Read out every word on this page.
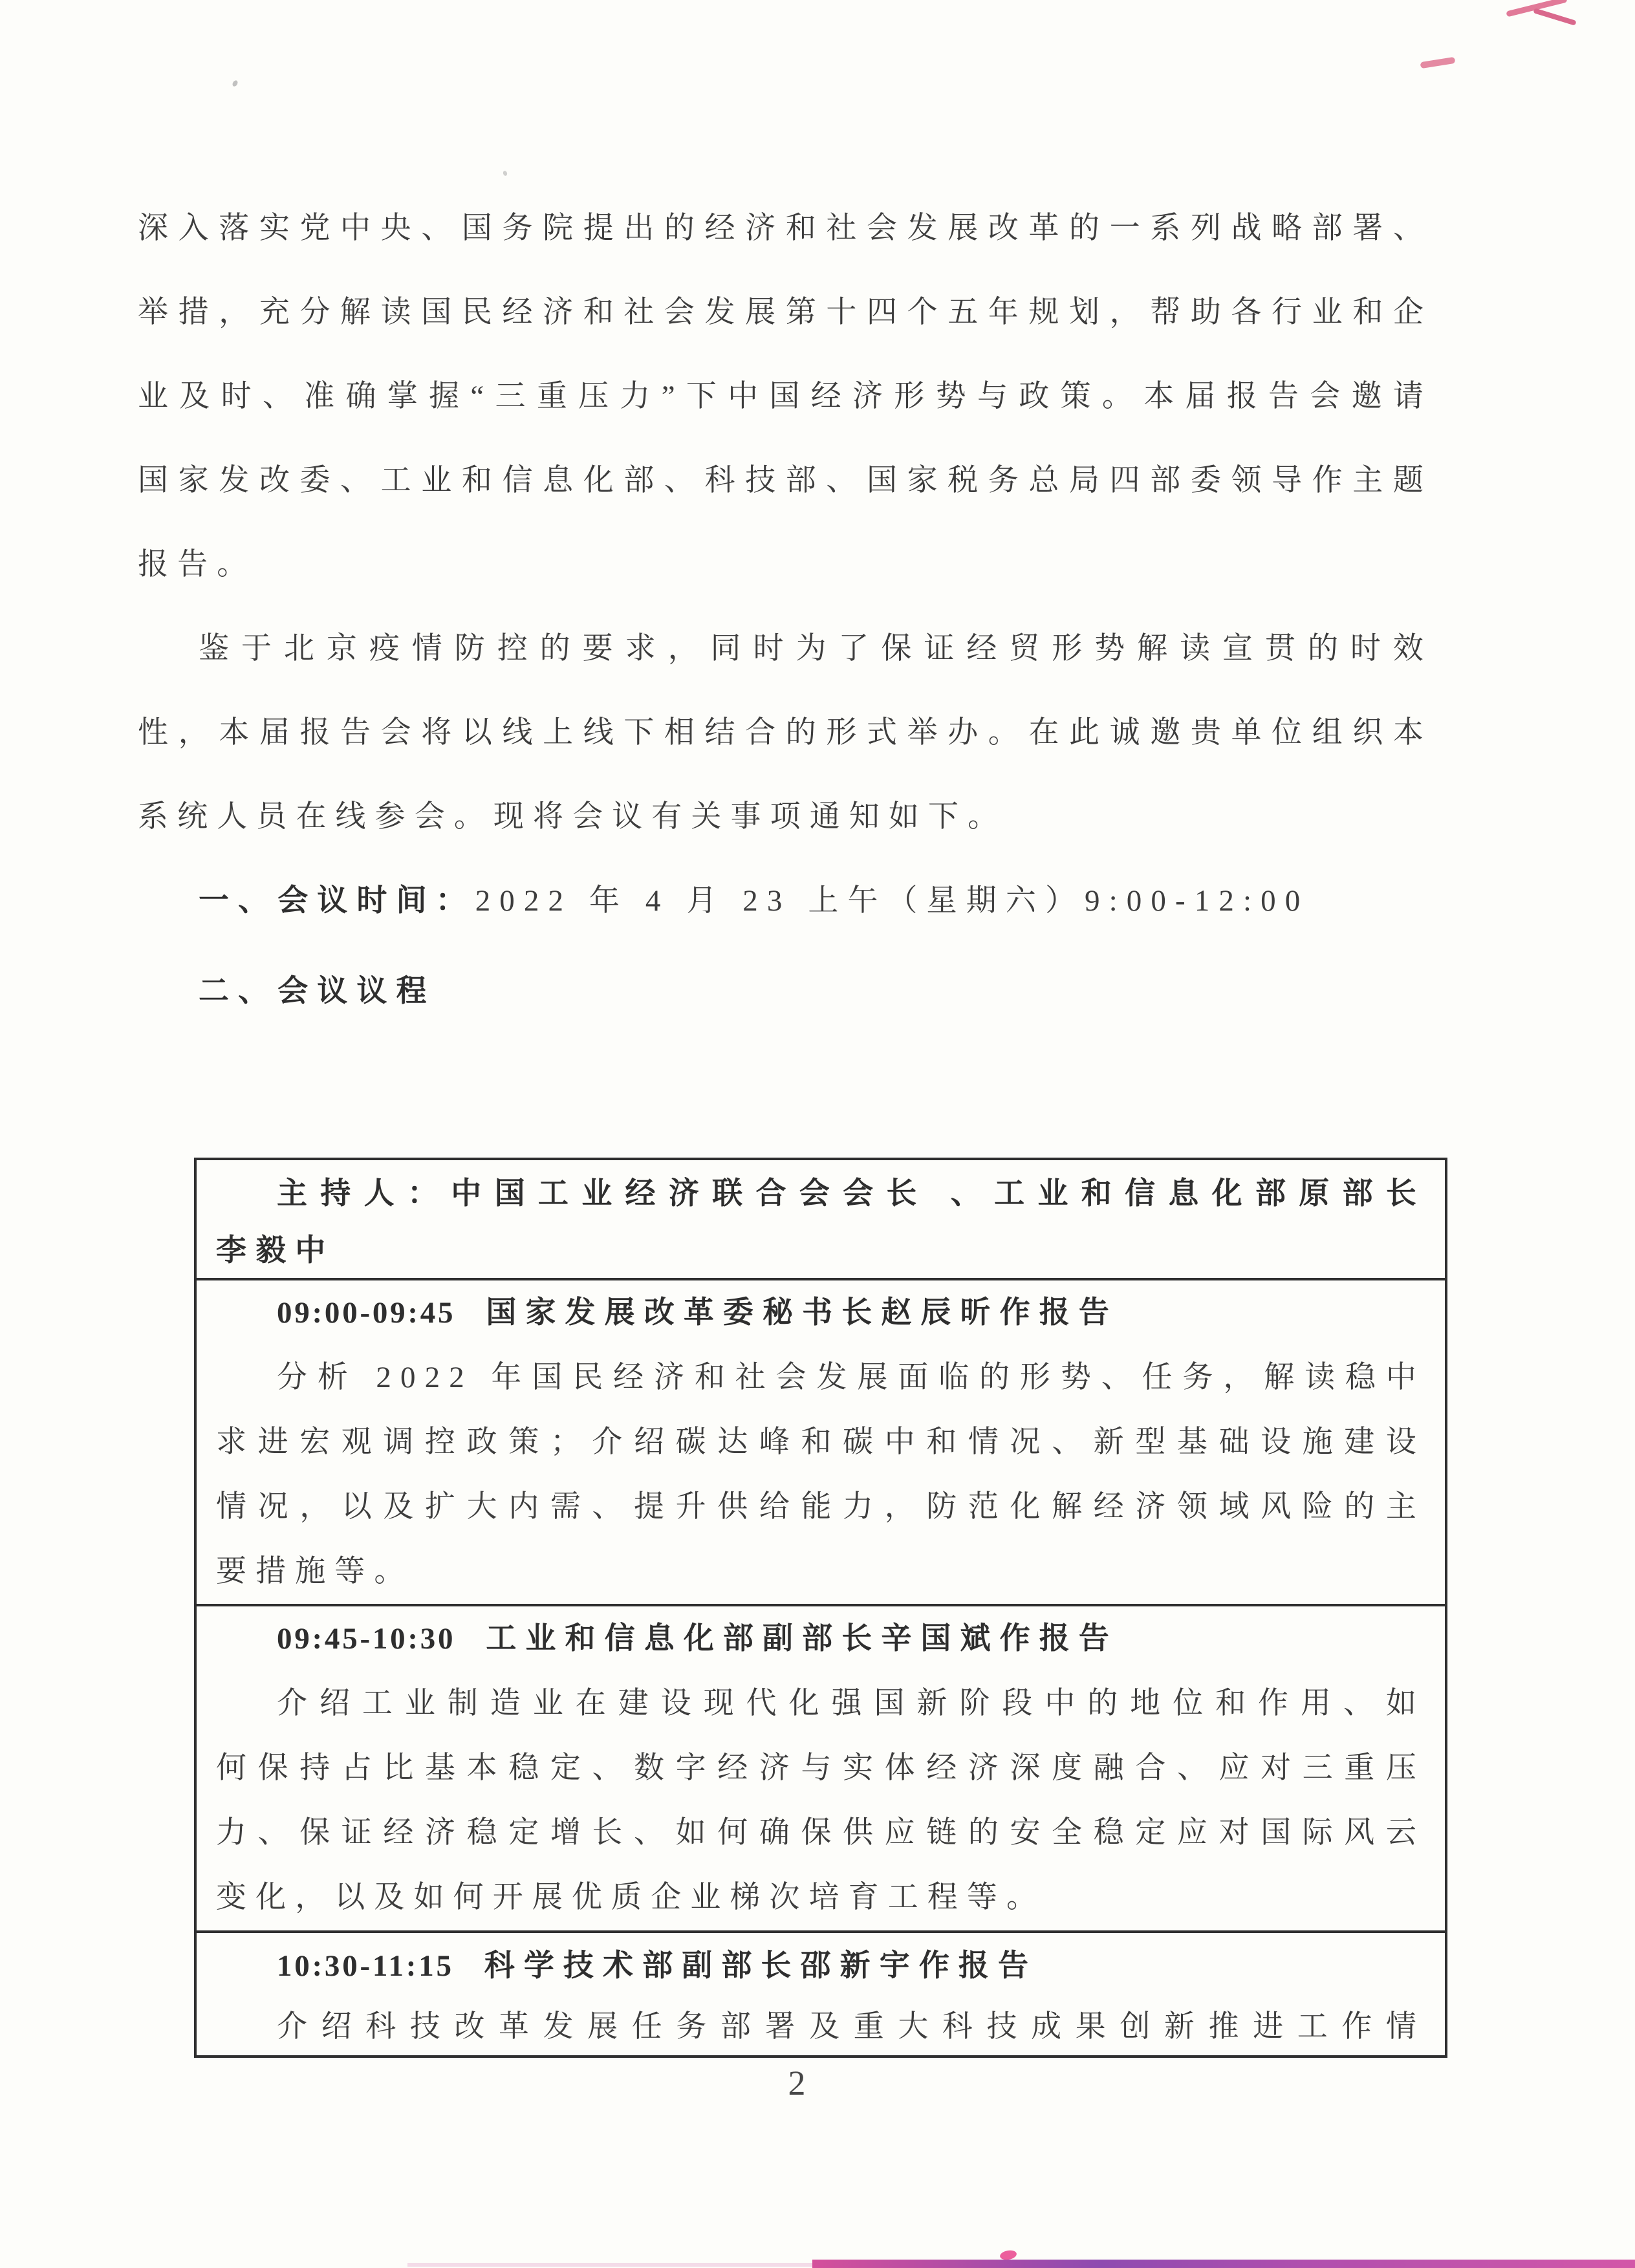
深入落实党中央、国务院提出的经济和社会发展改革的一系列战略部署、
举措，充分解读国民经济和社会发展第十四个五年规划，帮助各行业和企
业及时、准确掌握“三重压力”下中国经济形势与政策。本届报告会邀请
国家发改委、工业和信息化部、科技部、国家税务总局四部委领导作主题
报告。
鉴于北京疫情防控的要求，同时为了保证经贸形势解读宣贯的时效
性，本届报告会将以线上线下相结合的形式举办。在此诚邀贵单位组织本
系统人员在线参会。现将会议有关事项通知如下。
一、会议时间：2022 年 4 月 23 上午（星期六）9:00-12:00
二、会议议程
主持人：中国工业经济联合会会长 、工业和信息化部原部长
李毅中
09:00-09:45 国家发展改革委秘书长赵辰昕作报告
分析 2022 年国民经济和社会发展面临的形势、任务，解读稳中
求进宏观调控政策；介绍碳达峰和碳中和情况、新型基础设施建设
情况，以及扩大内需、提升供给能力，防范化解经济领域风险的主
要措施等。
09:45-10:30 工业和信息化部副部长辛国斌作报告
介绍工业制造业在建设现代化强国新阶段中的地位和作用、如
何保持占比基本稳定、数字经济与实体经济深度融合、应对三重压
力、保证经济稳定增长、如何确保供应链的安全稳定应对国际风云
变化，以及如何开展优质企业梯次培育工程等。
10:30-11:15 科学技术部副部长邵新宇作报告
介绍科技改革发展任务部署及重大科技成果创新推进工作情
2
